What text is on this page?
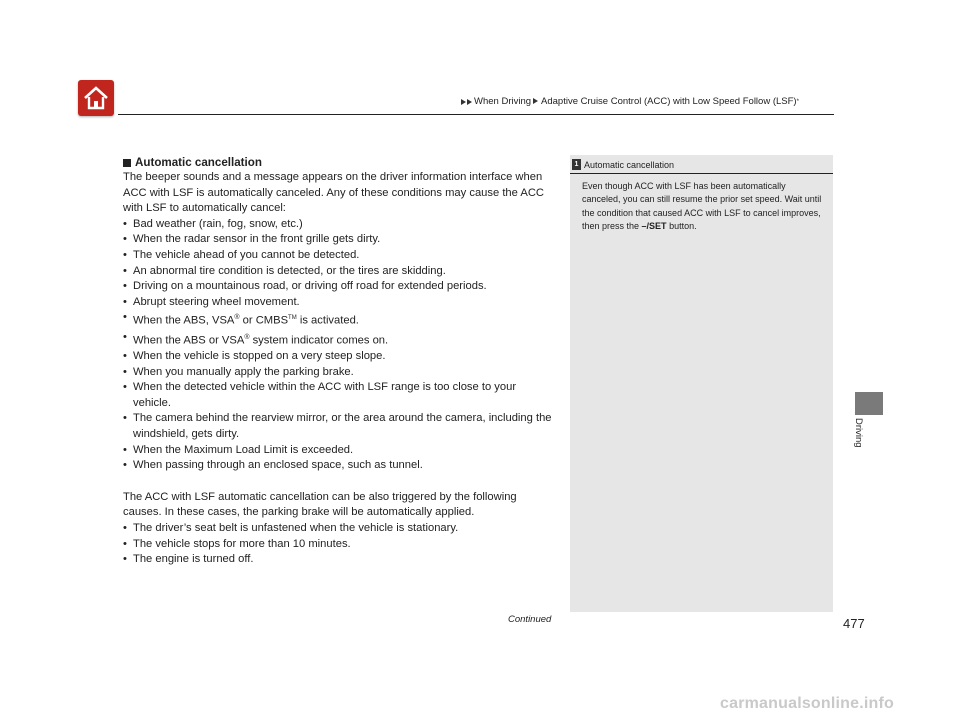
When Driving Adaptive Cruise Control (ACC) with Low Speed Follow (LSF) *
Automatic cancellation

The beeper sounds and a message appears on the driver information interface when ACC with LSF is automatically canceled. Any of these conditions may cause the ACC with LSF to automatically cancel:

• Bad weather (rain, fog, snow, etc.)
• When the radar sensor in the front grille gets dirty.
• The vehicle ahead of you cannot be detected.
• An abnormal tire condition is detected, or the tires are skidding.
• Driving on a mountainous road, or driving off road for extended periods.
• Abrupt steering wheel movement.
• When the ABS, VSA® or CMBS™ is activated.
• When the ABS or VSA® system indicator comes on.
• When the vehicle is stopped on a very steep slope.
• When you manually apply the parking brake.
• When the detected vehicle within the ACC with LSF range is too close to your vehicle.
• The camera behind the rearview mirror, or the area around the camera, including the windshield, gets dirty.
• When the Maximum Load Limit is exceeded.
• When passing through an enclosed space, such as tunnel.

The ACC with LSF automatic cancellation can be also triggered by the following causes. In these cases, the parking brake will be automatically applied.

• The driver’s seat belt is unfastened when the vehicle is stationary.
• The vehicle stops for more than 10 minutes.
• The engine is turned off.
1 Automatic cancellation
Even though ACC with LSF has been automatically canceled, you can still resume the prior set speed. Wait until the condition that caused ACC with LSF to cancel improves, then press the –/SET button.
Driving
Continued	477
carmanualsonline.info
